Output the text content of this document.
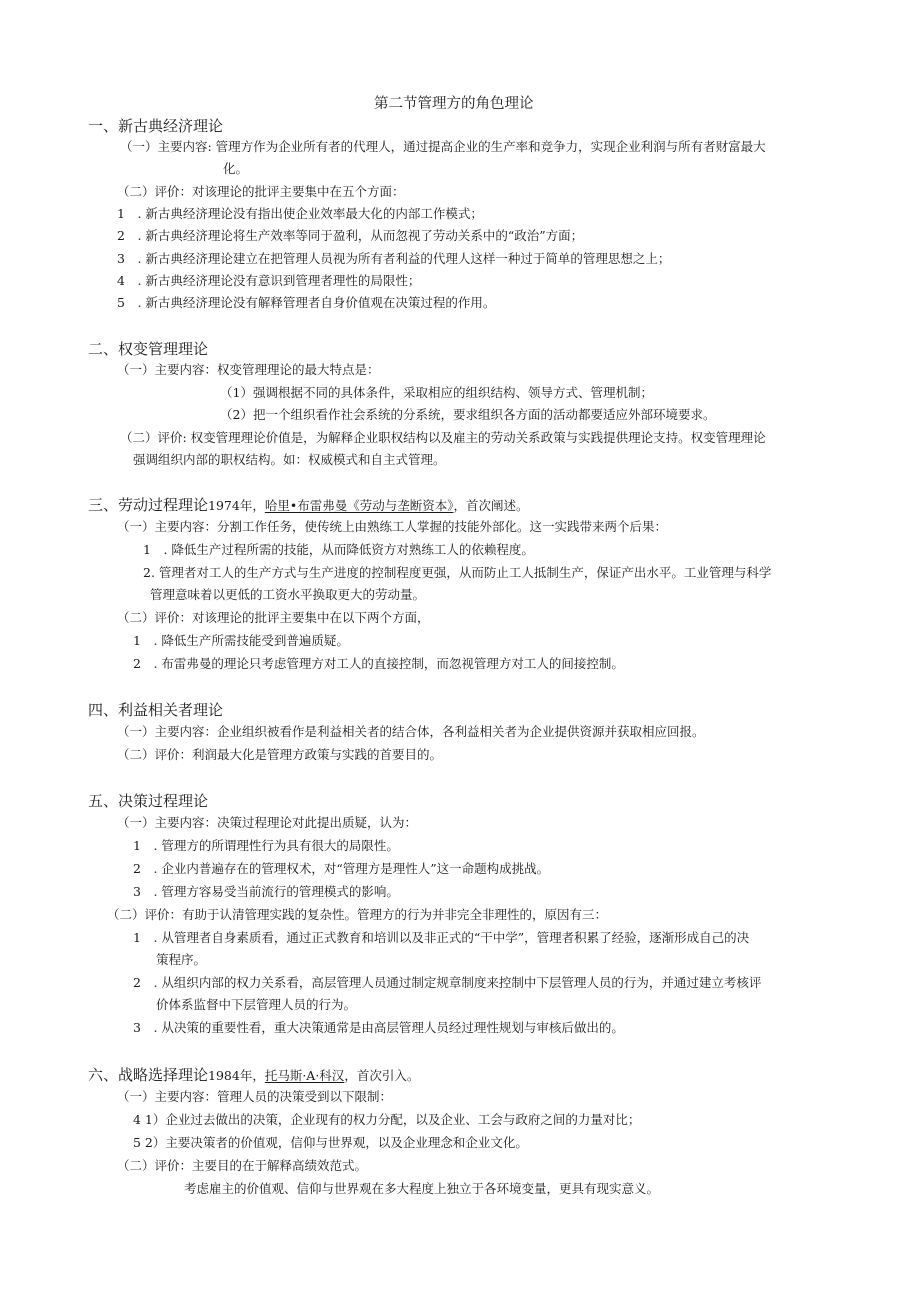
第二节管理方的角色理论
一、新古典经济理论
（一）主要内容: 管理方作为企业所有者的代理人，通过提高企业的生产率和竞争力，实现企业利润与所有者财富最大
化。
（二）评价：对该理论的批评主要集中在五个方面：
1　. 新古典经济理论没有指出使企业效率最大化的内部工作模式；
2　. 新古典经济理论将生产效率等同于盈利，从而忽视了劳动关系中的“政治”方面；
3　. 新古典经济理论建立在把管理人员视为所有者利益的代理人这样一种过于简单的管理思想之上；
4　. 新古典经济理论没有意识到管理者理性的局限性；
5　. 新古典经济理论没有解释管理者自身价值观在决策过程的作用。
二、权变管理理论
（一）主要内容：权变管理理论的最大特点是：
（1）强调根据不同的具体条件，采取相应的组织结构、领导方式、管理机制；
（2）把一个组织看作社会系统的分系统，要求组织各方面的活动都要适应外部环境要求。
（二）评价: 权变管理理论价值是，为解释企业职权结构以及雇主的劳动关系政策与实践提供理论支持。权变管理理论
强调组织内部的职权结构。如：权威模式和自主式管理。
三、劳动过程理论1974年，哈里•布雷弗曼《劳动与垄断资本》，首次阐述。
（一）主要内容：分割工作任务，使传统上由熟练工人掌握的技能外部化。这一实践带来两个后果：
1　. 降低生产过程所需的技能，从而降低资方对熟练工人的依赖程度。
2. 管理者对工人的生产方式与生产进度的控制程度更强，从而防止工人抵制生产，保证产出水平。工业管理与科学
管理意味着以更低的工资水平换取更大的劳动量。
（二）评价：对该理论的批评主要集中在以下两个方面，
1　. 降低生产所需技能受到普遍质疑。
2　. 布雷弗曼的理论只考虑管理方对工人的直接控制，而忽视管理方对工人的间接控制。
四、利益相关者理论
（一）主要内容：企业组织被看作是利益相关者的结合体，各利益相关者为企业提供资源并获取相应回报。
（二）评价：利润最大化是管理方政策与实践的首要目的。
五、决策过程理论
（一）主要内容：决策过程理论对此提出质疑，认为：
1　. 管理方的所谓理性行为具有很大的局限性。
2　. 企业内普遍存在的管理权术，对“管理方是理性人”这一命题构成挑战。
3　. 管理方容易受当前流行的管理模式的影响。
（二）评价：有助于认清管理实践的复杂性。管理方的行为并非完全非理性的，原因有三：
1　. 从管理者自身素质看，通过正式教育和培训以及非正式的“干中学”，管理者积累了经验，逐渐形成自己的决
策程序。
2　. 从组织内部的权力关系看，高层管理人员通过制定规章制度来控制中下层管理人员的行为，并通过建立考核评
价体系监督中下层管理人员的行为。
3　. 从决策的重要性看，重大决策通常是由高层管理人员经过理性规划与审核后做出的。
六、战略选择理论1984年，托马斯·A·科汉，首次引入。
（一）主要内容：管理人员的决策受到以下限制：
4 1）企业过去做出的决策，企业现有的权力分配，以及企业、工会与政府之间的力量对比；
5 2）主要决策者的价值观，信仰与世界观，以及企业理念和企业文化。
（二）评价：主要目的在于解释高绩效范式。
考虑雇主的价值观、信仰与世界观在多大程度上独立于各环境变量，更具有现实意义。
